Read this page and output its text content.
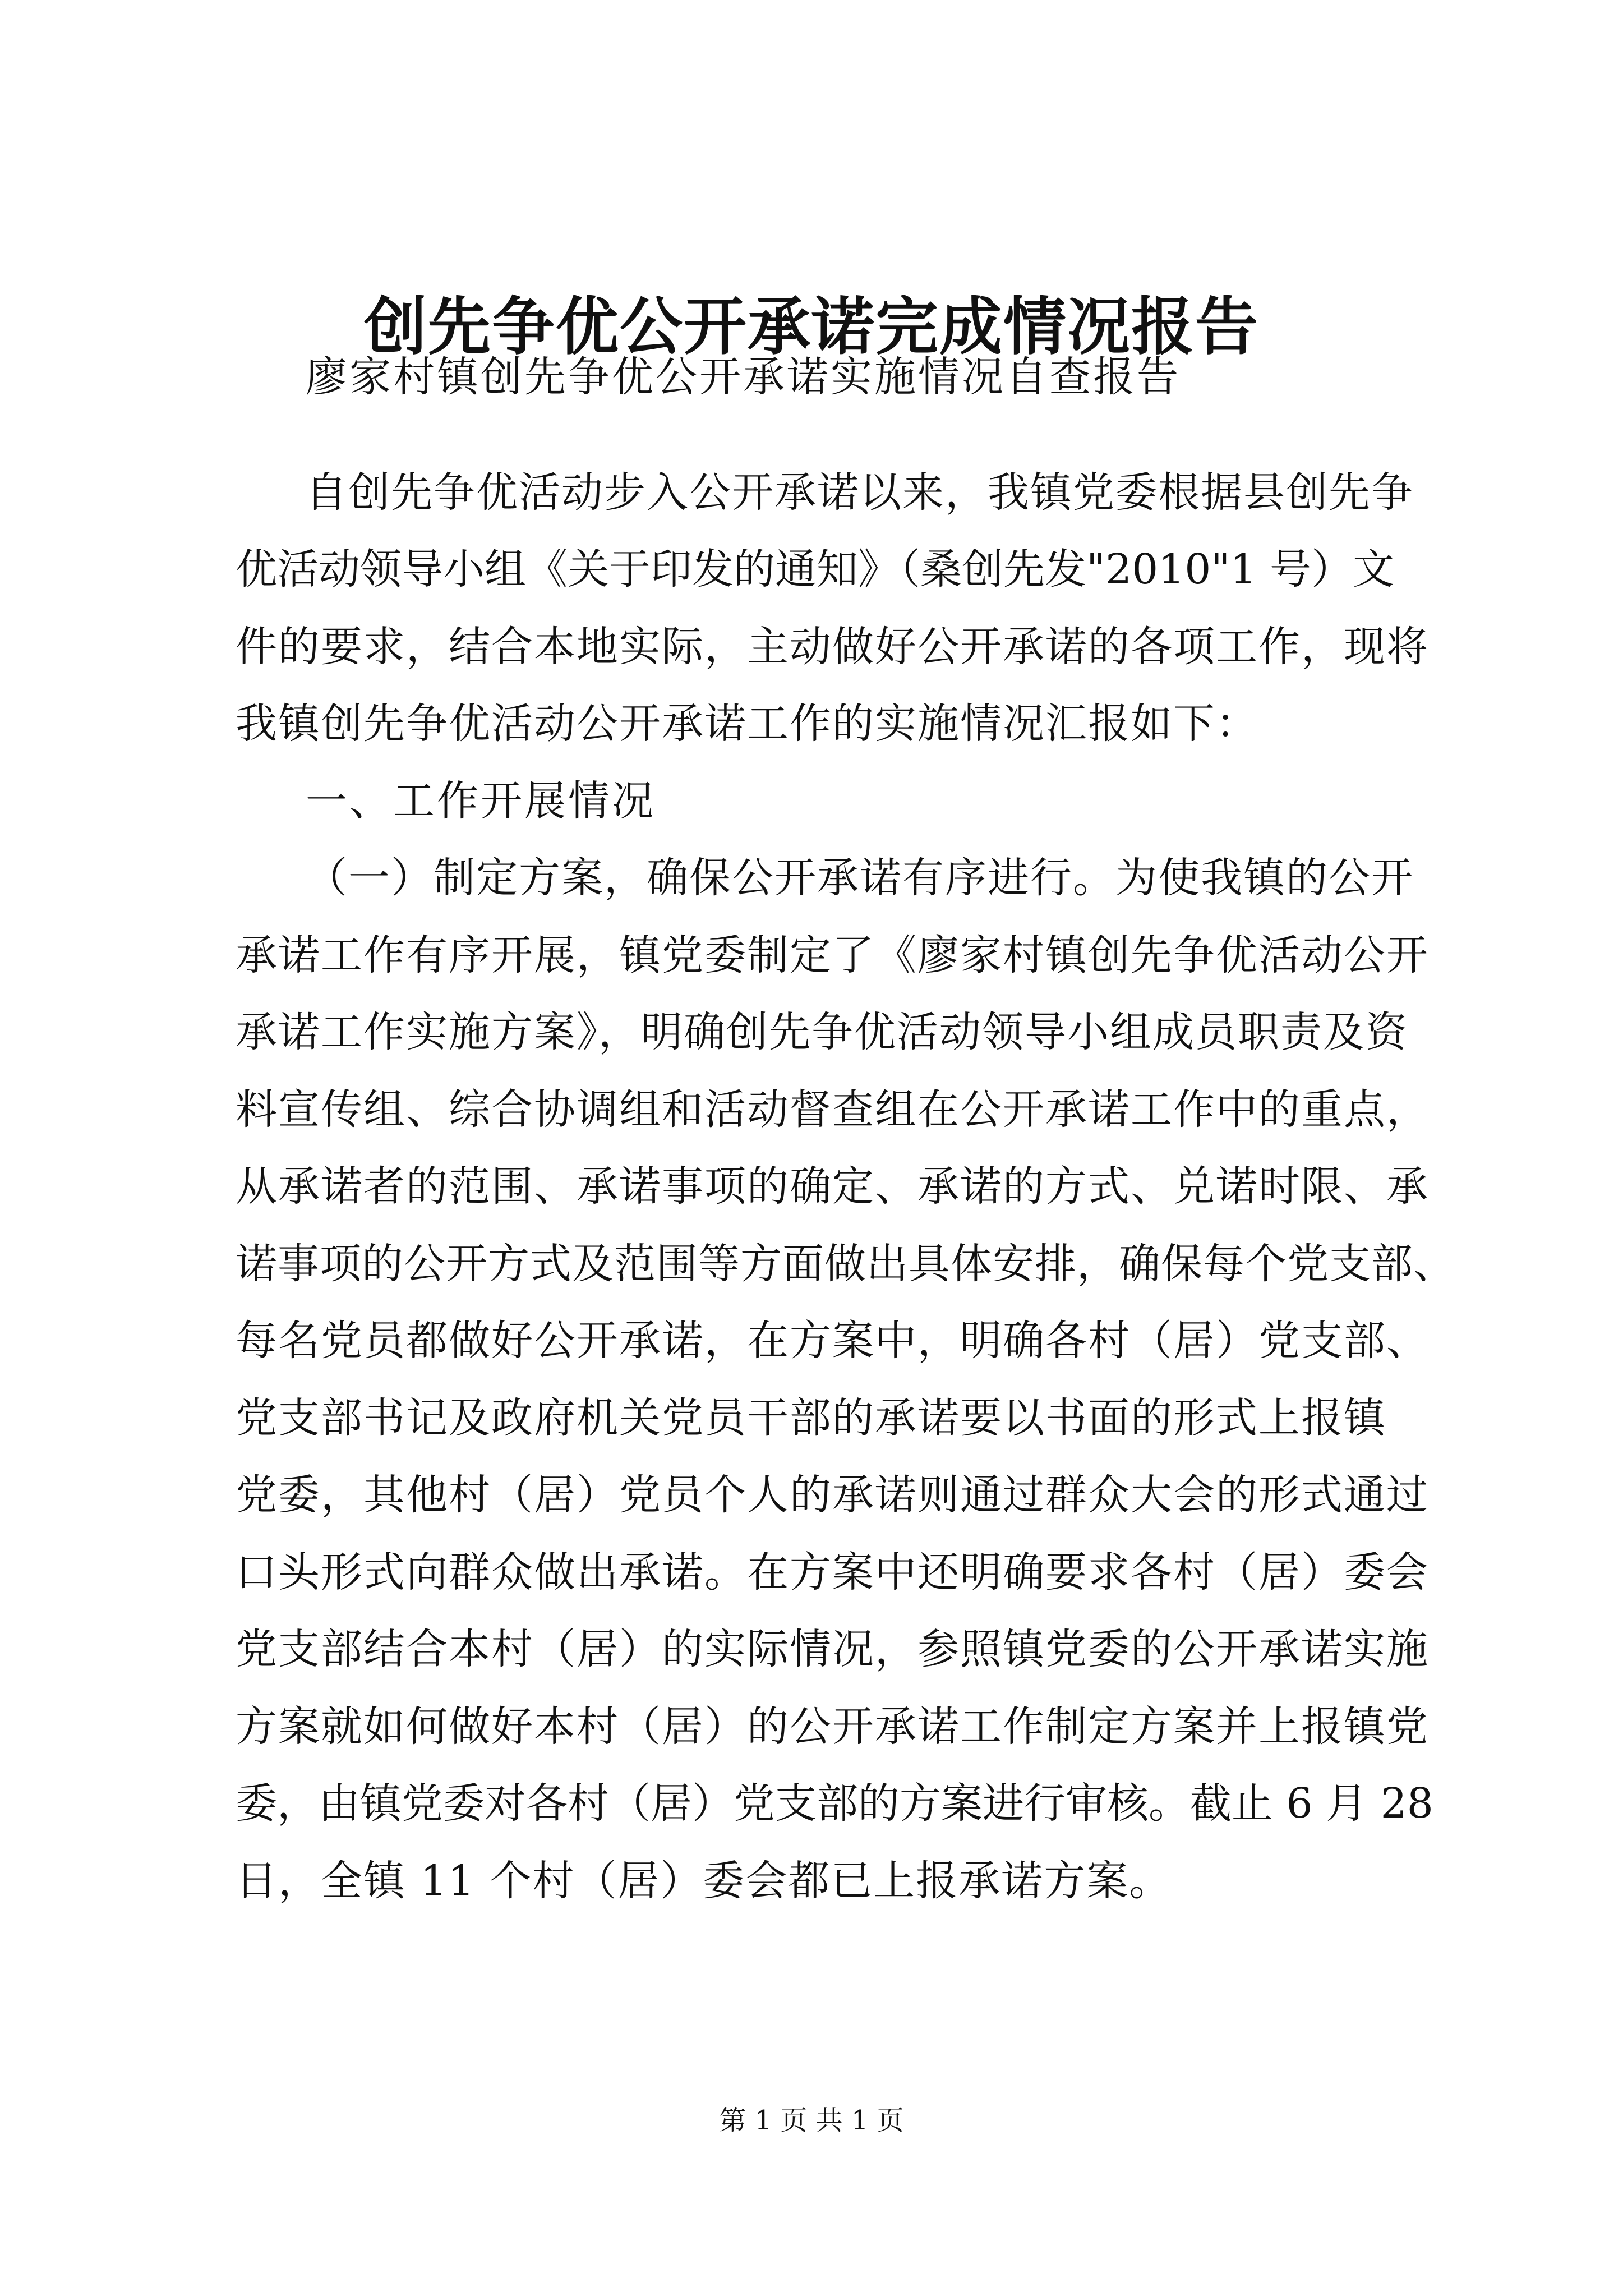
创先争优公开承诺完成情况报告
廖家村镇创先争优公开承诺实施情况自查报告
自创先争优活动步入公开承诺以来，我镇党委根据县创先争
优活动领导小组《关于印发的通知》（桑创先发"2010"1 号）文
件的要求，结合本地实际，主动做好公开承诺的各项工作，现将
我镇创先争优活动公开承诺工作的实施情况汇报如下：
一、工作开展情况
（一）制定方案，确保公开承诺有序进行。为使我镇的公开
承诺工作有序开展，镇党委制定了《廖家村镇创先争优活动公开
承诺工作实施方案》，明确创先争优活动领导小组成员职责及资
料宣传组、综合协调组和活动督查组在公开承诺工作中的重点，
从承诺者的范围、承诺事项的确定、承诺的方式、兑诺时限、承
诺事项的公开方式及范围等方面做出具体安排，确保每个党支部、
每名党员都做好公开承诺，在方案中，明确各村（居）党支部、
党支部书记及政府机关党员干部的承诺要以书面的形式上报镇
党委，其他村（居）党员个人的承诺则通过群众大会的形式通过
口头形式向群众做出承诺。在方案中还明确要求各村（居）委会
党支部结合本村（居）的实际情况，参照镇党委的公开承诺实施
方案就如何做好本村（居）的公开承诺工作制定方案并上报镇党
委，由镇党委对各村（居）党支部的方案进行审核。截止 6 月 28
日，全镇 11 个村（居）委会都已上报承诺方案。
第 1 页 共 1 页
